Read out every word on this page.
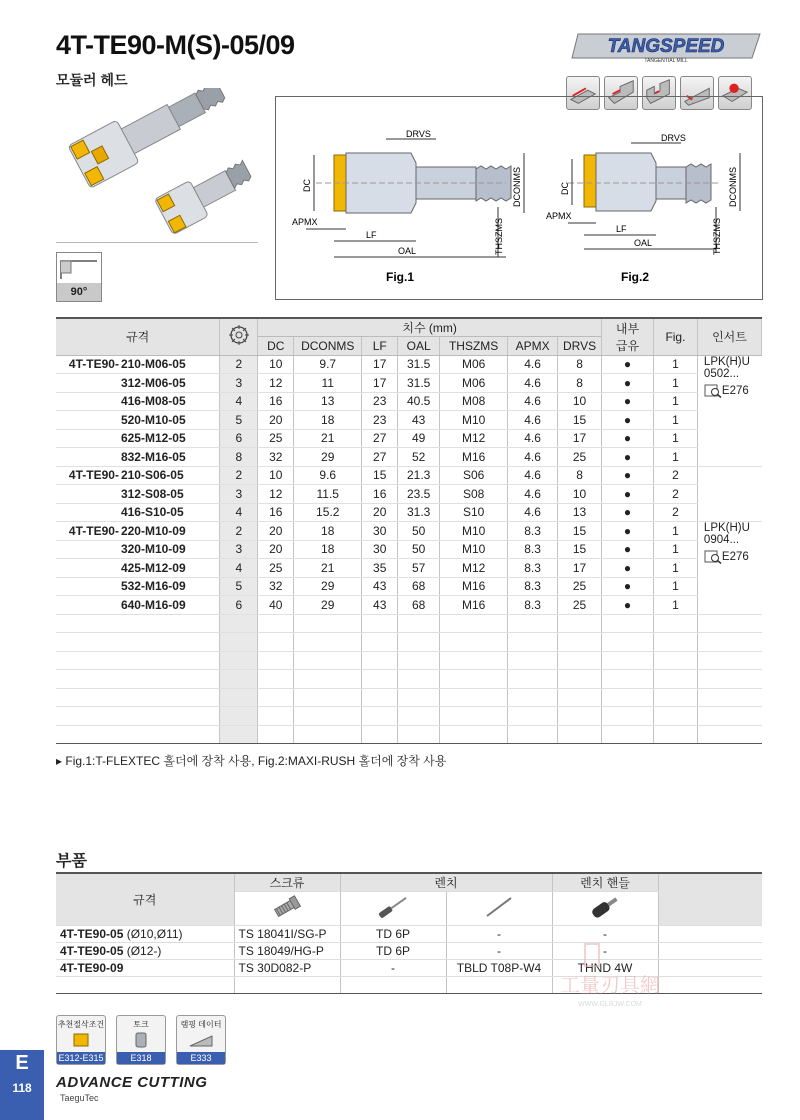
4T-TE90-M(S)-05/09
모듈러 헤드
TANGSPEED
TANGENTIAL MILL
90°
DRVS
DCONMS
DC
APMX
LF
OAL	THSZMS
Fig.1
DRVS
DCONMS
DC
APMX
LF
OAL	THSZMS
Fig.2
규격			치수 (mm)							내부
급유	Fig.	인서트
			DC	DCONMS	LF	OAL	THSZMS	APMX	DRVS			
4T-TE90-	210-M06-05	2	10	9.7	17	31.5	M06	4.6	8	●	1	LPK(H)U
0502...
E276

	312-M06-05	3	12	11	17	31.5	M06	4.6	8	●	1	
	416-M08-05	4	16	13	23	40.5	M08	4.6	10	●	1	
	520-M10-05	5	20	18	23	43	M10	4.6	15	●	1	
	625-M12-05	6	25	21	27	49	M12	4.6	17	●	1	
	832-M16-05	8	32	29	27	52	M16	4.6	25	●	1	
4T-TE90-	210-S06-05	2	10	9.6	15	21.3	S06	4.6	8	●	2	
	312-S08-05	3	12	11.5	16	23.5	S08	4.6	10	●	2	
	416-S10-05	4	16	15.2	20	31.3	S10	4.6	13	●	2	
4T-TE90-	220-M10-09	2	20	18	30	50	M10	8.3	15	●	1	LPK(H)U
0904...
E276

	320-M10-09	3	20	18	30	50	M10	8.3	15	●	1	
	425-M12-09	4	25	21	35	57	M12	8.3	17	●	1	
	532-M16-09	5	32	29	43	68	M16	8.3	25	●	1	
	640-M16-09	6	40	29	43	68	M16	8.3	25	●	1	

▸ Fig.1:T-FLEXTEC 홀더에 장착 사용, Fig.2:MAXI-RUSH 홀더에 장착 사용
부품
규격	스크류	렌치		렌치 핸들	

4T-TE90-05 (Ø10,Ø11)	TS 18041I/SG-P	TD 6P	-	-	
4T-TE90-05 (Ø12-)	TS 18049/HG-P	TD 6P	-	-	
4T-TE90-09	TS 30D082-P	-	TBLD T08P-W4	THND 4W	

工量刃具網
WWW.GLRJW.COM
추천절삭조건
E312-E315
토크
E318
램핑 데이터
E333
E
118	ADVANCE CUTTING
TaeguTec
